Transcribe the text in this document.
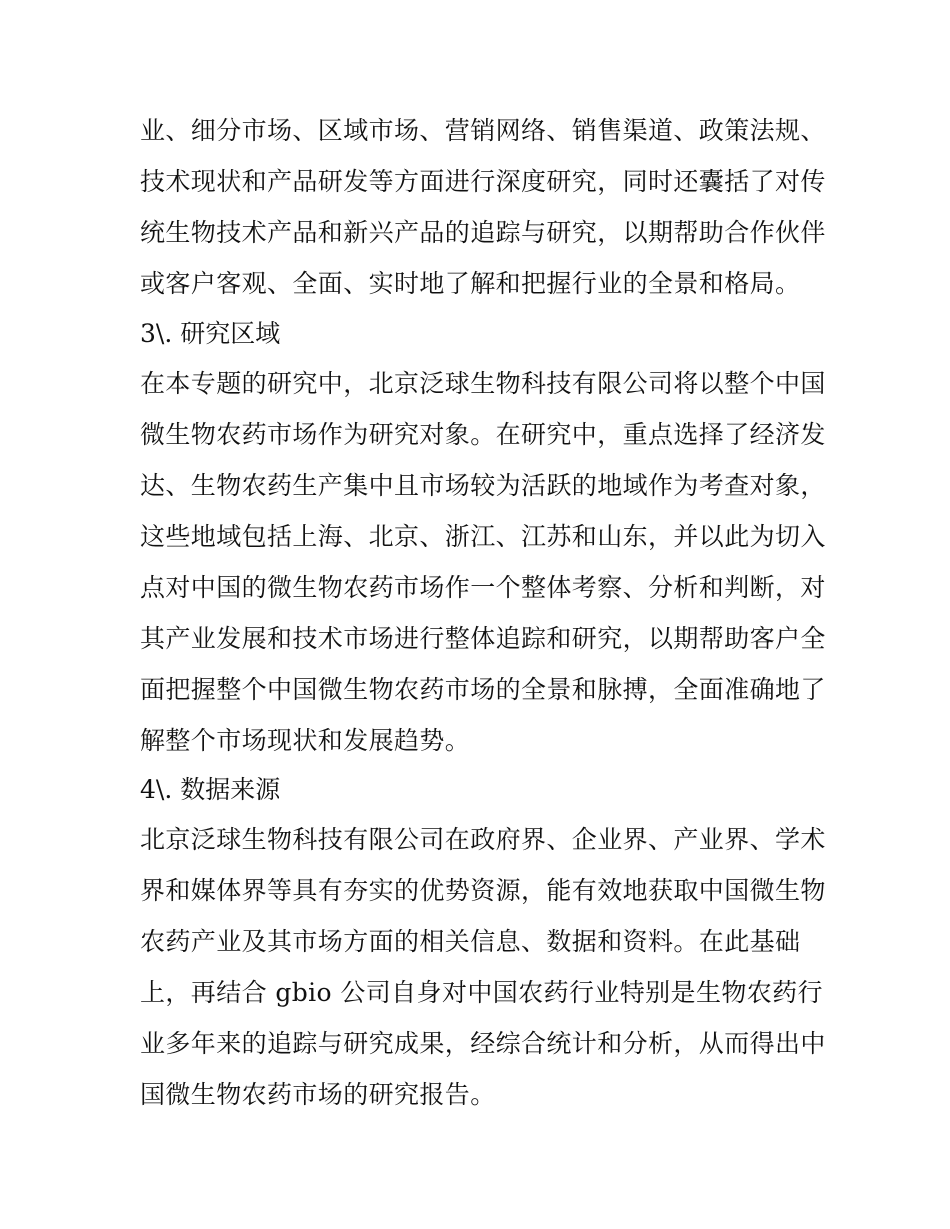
业、细分市场、区域市场、营销网络、销售渠道、政策法规、
技术现状和产品研发等方面进行深度研究，同时还囊括了对传
统生物技术产品和新兴产品的追踪与研究，以期帮助合作伙伴
或客户客观、全面、实时地了解和把握行业的全景和格局。
3\. 研究区域
在本专题的研究中，北京泛球生物科技有限公司将以整个中国
微生物农药市场作为研究对象。在研究中，重点选择了经济发
达、生物农药生产集中且市场较为活跃的地域作为考查对象，
这些地域包括上海、北京、浙江、江苏和山东，并以此为切入
点对中国的微生物农药市场作一个整体考察、分析和判断，对
其产业发展和技术市场进行整体追踪和研究，以期帮助客户全
面把握整个中国微生物农药市场的全景和脉搏，全面准确地了
解整个市场现状和发展趋势。
4\. 数据来源
北京泛球生物科技有限公司在政府界、企业界、产业界、学术
界和媒体界等具有夯实的优势资源，能有效地获取中国微生物
农药产业及其市场方面的相关信息、数据和资料。在此基础
上，再结合 gbio 公司自身对中国农药行业特别是生物农药行
业多年来的追踪与研究成果，经综合统计和分析，从而得出中
国微生物农药市场的研究报告。
